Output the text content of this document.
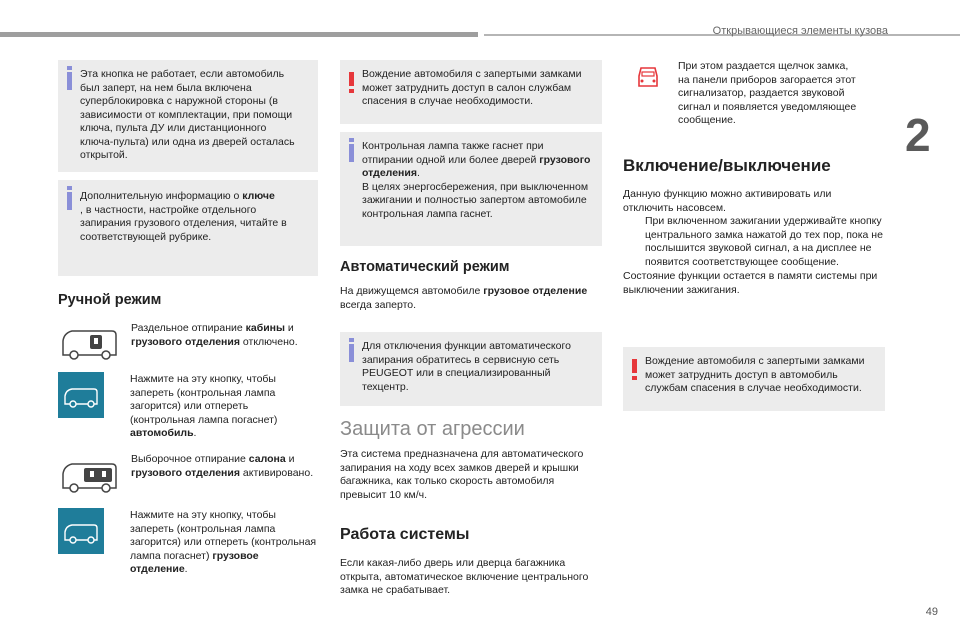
Открывающиеся элементы кузова
2
49

Эта кнопка не работает, если автомобиль

был заперт, на нем была включена

суперблокировка с наружной стороны (в

зависимости от комплектации, при помощи

ключа, пульта ДУ или дистанционного

ключа-пульта) или одна из дверей осталась

открытой.

Дополнительную информацию о ключе

, в частности, настройке отдельного

запирания грузового отделения, читайте в

соответствующей рубрике.

Ручной режим
Раздельное отпирание кабины и
грузового отделения отключено.
Нажмите на эту кнопку, чтобы
запереть (контрольная лампа
загорится) или отпереть
(контрольная лампа погаснет)
автомобиль.
Выборочное отпирание салона и
грузового отделения активировано.
Нажмите на эту кнопку, чтобы
запереть (контрольная лампа
загорится) или отпереть (контрольная
лампа погаснет) грузовое
отделение.

Вождение автомобиля с запертыми замками

может затруднить доступ в салон службам

спасения в случае необходимости.

Контрольная лампа также гаснет при

отпирании одной или более дверей грузового

отделения.

В целях энергосбережения, при выключенном

зажигании и полностью запертом автомобиле

контрольная лампа гаснет.

Автоматический режим
На движущемся автомобиле грузовое отделение
всегда заперто.

Для отключения функции автоматического

запирания обратитесь в сервисную сеть

PEUGEOT или в специализированный

техцентр.

Защита от агрессии
Эта система предназначена для автоматического
запирания на ходу всех замков дверей и крышки
багажника, как только скорость автомобиля
превысит 10 км/ч.
Работа системы
Если какая-либо дверь или дверца багажника
открыта, автоматическое включение центрального
замка не срабатывает.
При этом раздается щелчок замка,
на панели приборов загорается этот
сигнализатор, раздается звуковой
сигнал и появляется уведомляющее
сообщение.
Включение/выключение
Данную функцию можно активировать или
отключить насовсем.
При включенном зажигании удерживайте кнопку
центрального замка нажатой до тех пор, пока не
послышится звуковой сигнал, а на дисплее не
появится соответствующее сообщение.
Состояние функции остается в памяти системы при
выключении зажигания.

Вождение автомобиля с запертыми замками

может затруднить доступ в автомобиль

службам спасения в случае необходимости.
